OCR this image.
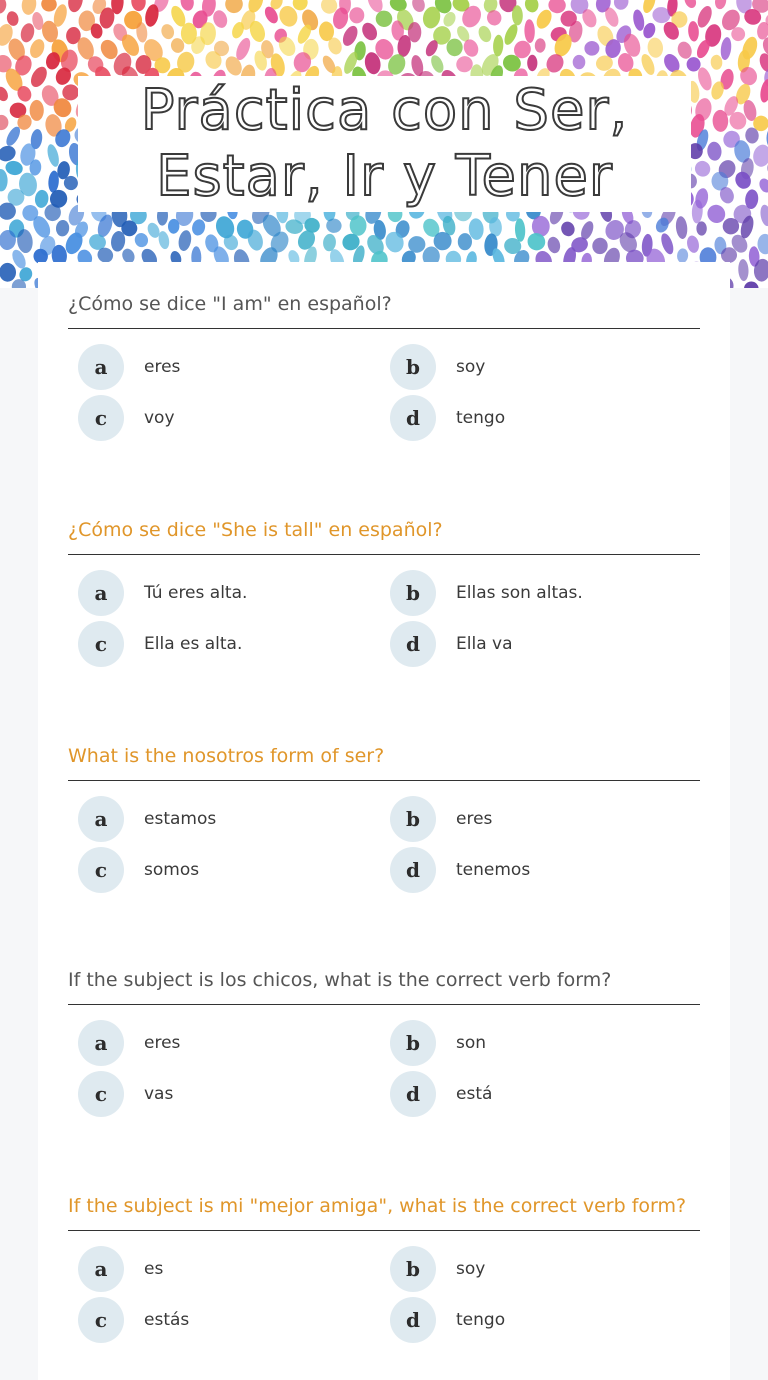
Práctica con Ser,
Estar, Ir y Tener
¿Cómo se dice "I am" en español?
a	eres	b	soy
c	voy	d	tengo
¿Cómo se dice "She is tall" en español?
a	Tú eres alta.	b	Ellas son altas.
c	Ella es alta.	d	Ella va
What is the nosotros form of ser?
a	estamos	b	eres
c	somos	d	tenemos
If the subject is los chicos, what is the correct verb form?
a	eres	b	son
c	vas	d	está
If the subject is mi "mejor amiga", what is the correct verb form?
a	es	b	soy
c	estás	d	tengo
